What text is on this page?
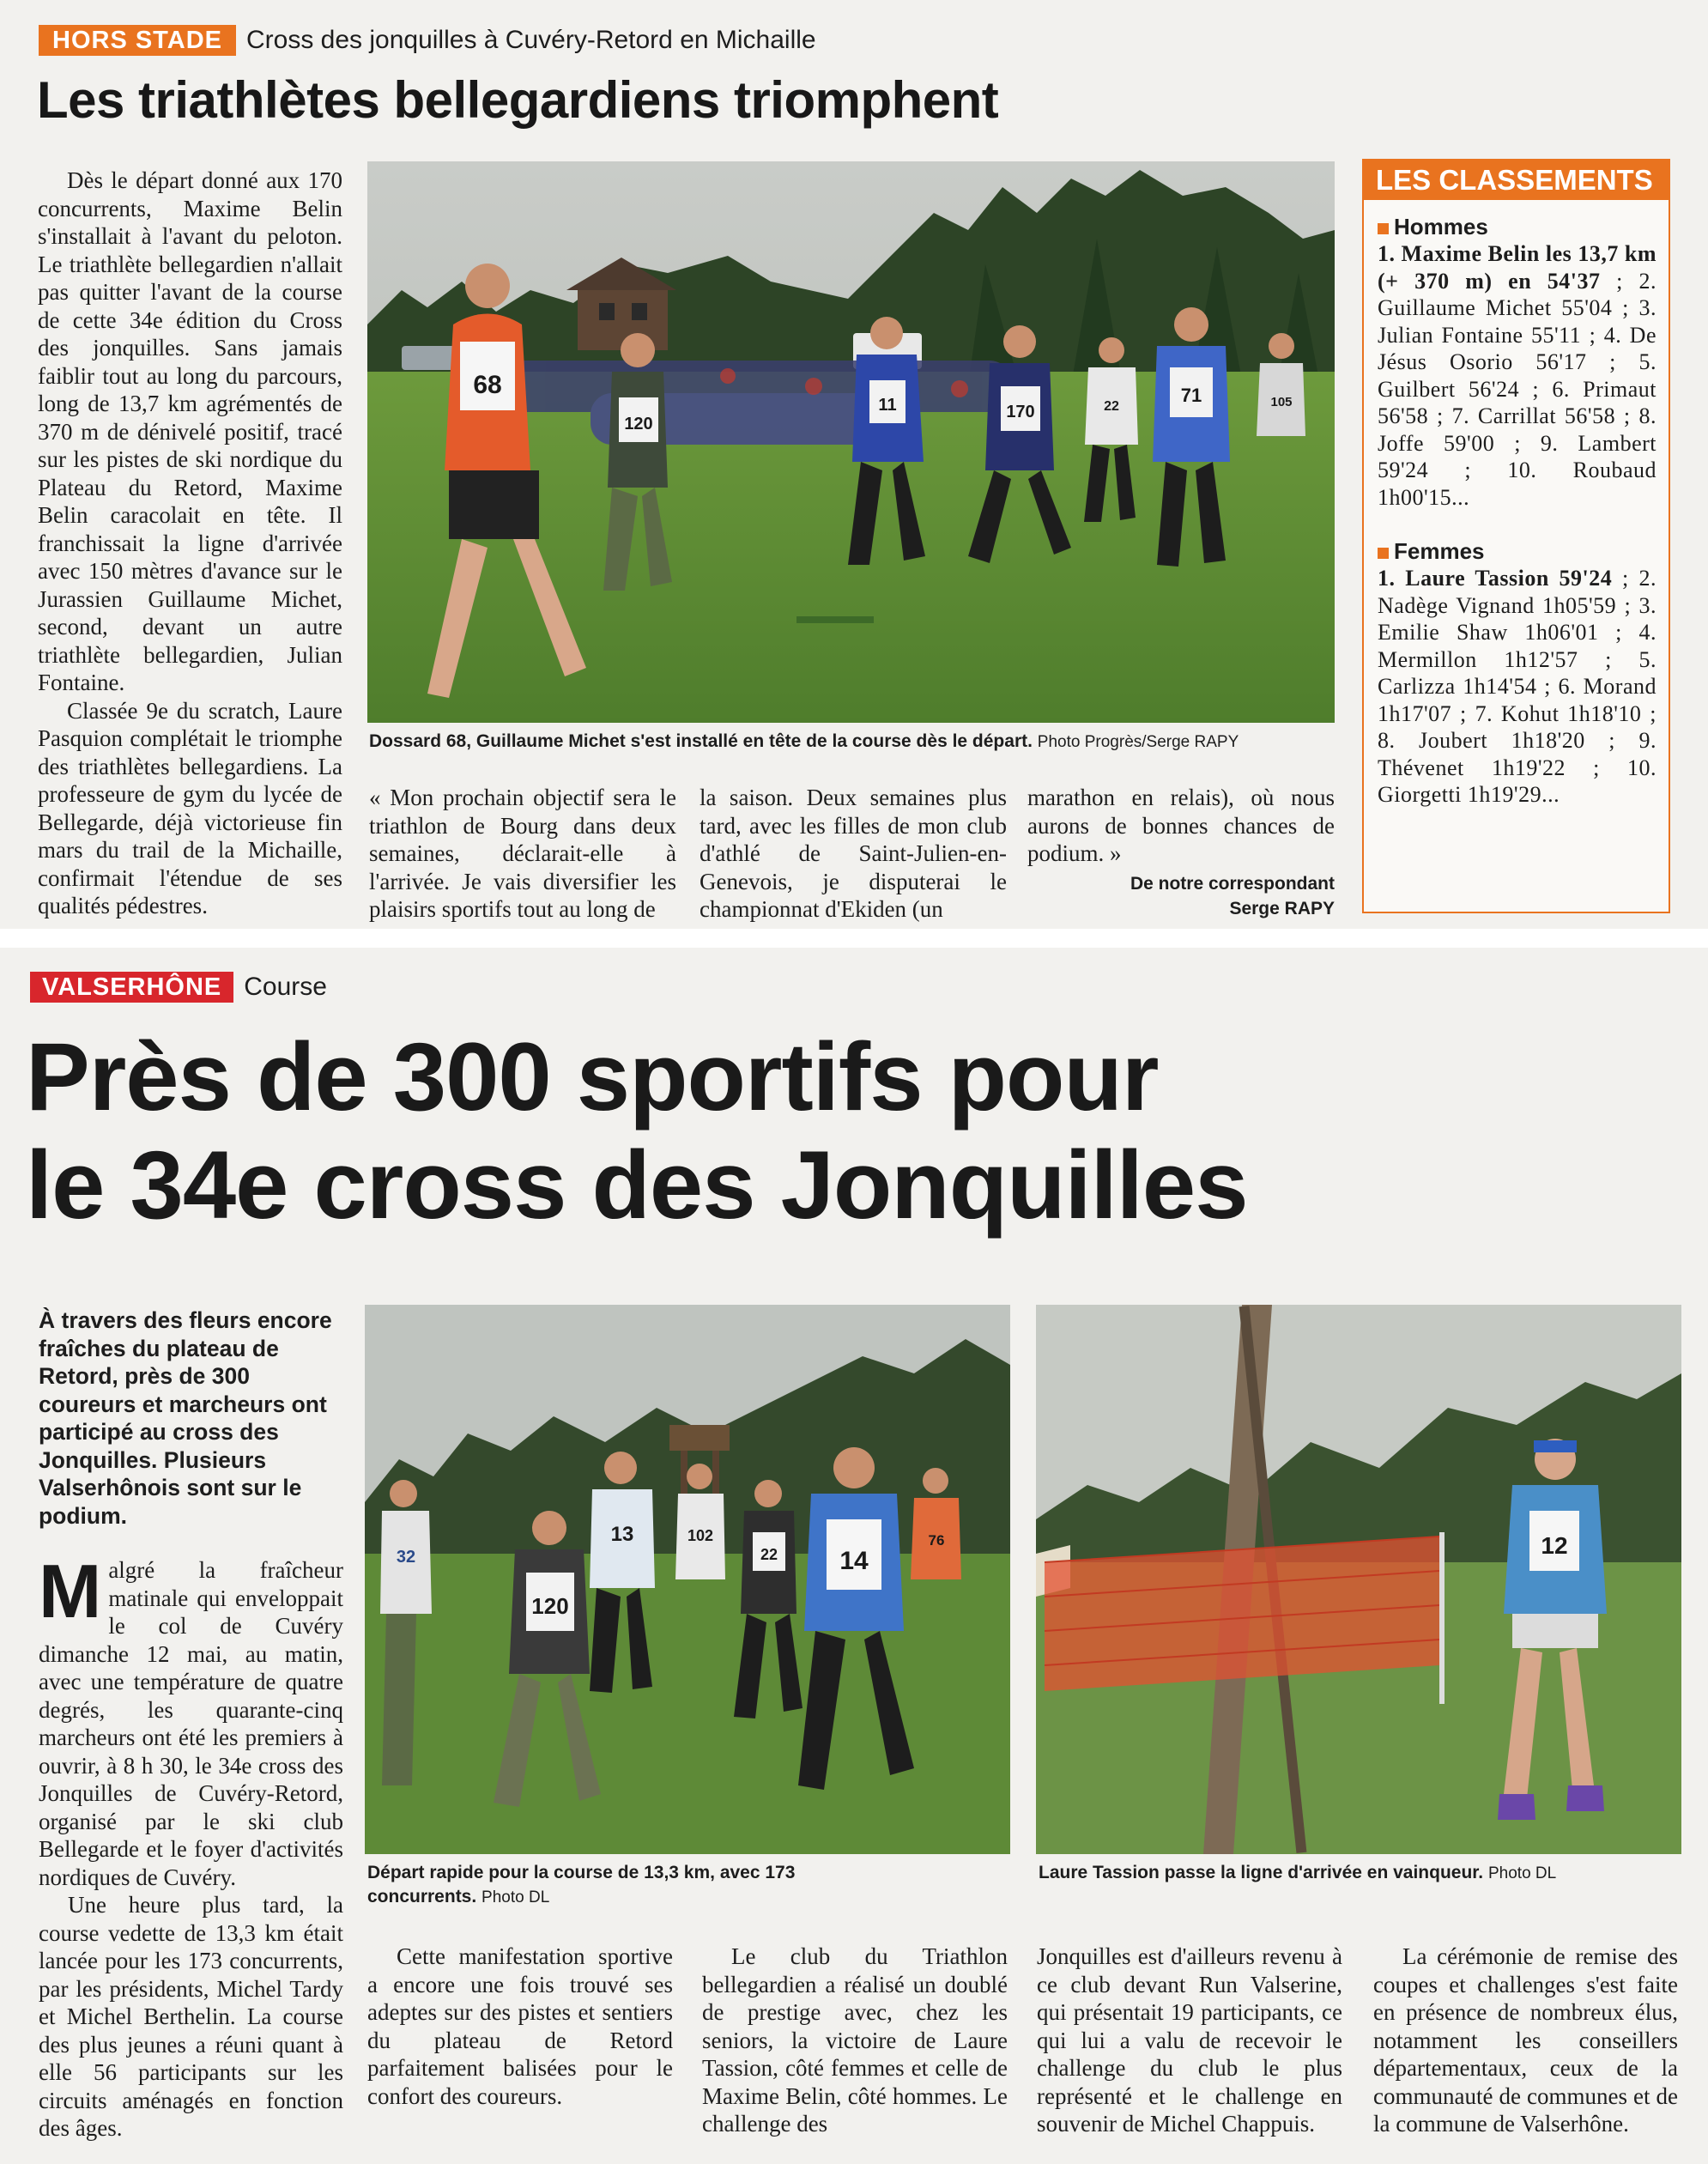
HORS STADE Cross des jonquilles à Cuvéry-Retord en Michaille
Les triathlètes bellegardiens triomphent

Dès le départ donné aux 170 concurrents, Maxime Belin s'installait à l'avant du peloton. Le triathlète bellegardien n'allait pas quitter l'avant de la course de cette 34e édition du Cross des jonquilles. Sans jamais faiblir tout au long du parcours, long de 13,7 km agrémentés de 370 m de dénivelé positif, tracé sur les pistes de ski nordique du Plateau du Retord, Maxime Belin caracolait en tête. Il franchissait la ligne d'arrivée avec 150 mètres d'avance sur le Jurassien Guillaume Michet, second, devant un autre triathlète bellegardien, Julian Fontaine.

Classée 9e du scratch, Laure Pasquion complétait le triomphe des triathlètes bellegardiens. La professeure de gym du lycée de Bellegarde, déjà victorieuse fin mars du trail de la Michaille, confirmait l'étendue de ses qualités pédestres.

68
120
11	170	22
71	105
Dossard 68, Guillaume Michet s'est installé en tête de la course dès le départ. Photo Progrès/Serge RAPY
« Mon prochain objectif sera le triathlon de Bourg dans deux semaines, déclarait-elle à l'arrivée. Je vais diversifier les plaisirs sportifs tout au long de
la saison. Deux semaines plus tard, avec les filles de mon club d'athlé de Saint-Julien-en-Genevois, je disputerai le championnat d'Ekiden (un
marathon en relais), où nous aurons de bonnes chances de podium. »
De notre correspondant
Serge RAPY
LES CLASSEMENTS
Hommes
1. Maxime Belin les 13,7 km (+ 370 m) en 54'37 ; 2. Guillaume Michet 55'04 ; 3. Julian Fontaine 55'11 ; 4. De Jésus Osorio 56'17 ; 5. Guilbert 56'24 ; 6. Primaut 56'58 ; 7. Carrillat 56'58 ; 8. Joffe 59'00 ; 9. Lambert 59'24 ; 10. Roubaud 1h00'15...
Femmes
1. Laure Tassion 59'24 ; 2. Nadège Vignand 1h05'59 ; 3. Emilie Shaw 1h06'01 ; 4. Mermillon 1h12'57 ; 5. Carlizza 1h14'54 ; 6. Morand 1h17'07 ; 7. Kohut 1h18'10 ; 8. Joubert 1h18'20 ; 9. Thévenet 1h19'22 ; 10. Giorgetti 1h19'29...
VALSERHÔNE Course
Près de 300 sportifs pour
le 34e cross des Jonquilles
À travers des fleurs encore fraîches du plateau de Retord, près de 300 coureurs et marcheurs ont participé au cross des Jonquilles. Plusieurs Valserhônois sont sur le podium.
Malgré la fraîcheur matinale qui enveloppait le col de Cuvéry dimanche 12 mai, au matin, avec une température de quatre degrés, les quarante-cinq marcheurs ont été les premiers à ouvrir, à 8 h 30, le 34e cross des Jonquilles de Cuvéry-Retord, organisé par le ski club Bellegarde et le foyer d'activités nordiques de Cuvéry.
Une heure plus tard, la course vedette de 13,3 km était lancée pour les 173 concurrents, par les présidents, Michel Tardy et Michel Berthelin. La course des plus jeunes a réuni quant à elle 56 participants sur les circuits aménagés en fonction des âges.
32
120
13	102
22 14
76	12
Départ rapide pour la course de 13,3 km, avec 173 concurrents. Photo DL
Laure Tassion passe la ligne d'arrivée en vainqueur. Photo DL
Cette manifestation sportive a encore une fois trouvé ses adeptes sur des pistes et sentiers du plateau de Retord parfaitement balisées pour le confort des coureurs.
Le club du Triathlon bellegardien a réalisé un doublé de prestige avec, chez les seniors, la victoire de Laure Tassion, côté femmes et celle de Maxime Belin, côté hommes. Le challenge des
Jonquilles est d'ailleurs revenu à ce club devant Run Valserine, qui présentait 19 participants, ce qui lui a valu de recevoir le challenge du club le plus représenté et le challenge en souvenir de Michel Chappuis.
La cérémonie de remise des coupes et challenges s'est faite en présence de nombreux élus, notamment les conseillers départementaux, ceux de la communauté de communes et de la commune de Valserhône.
